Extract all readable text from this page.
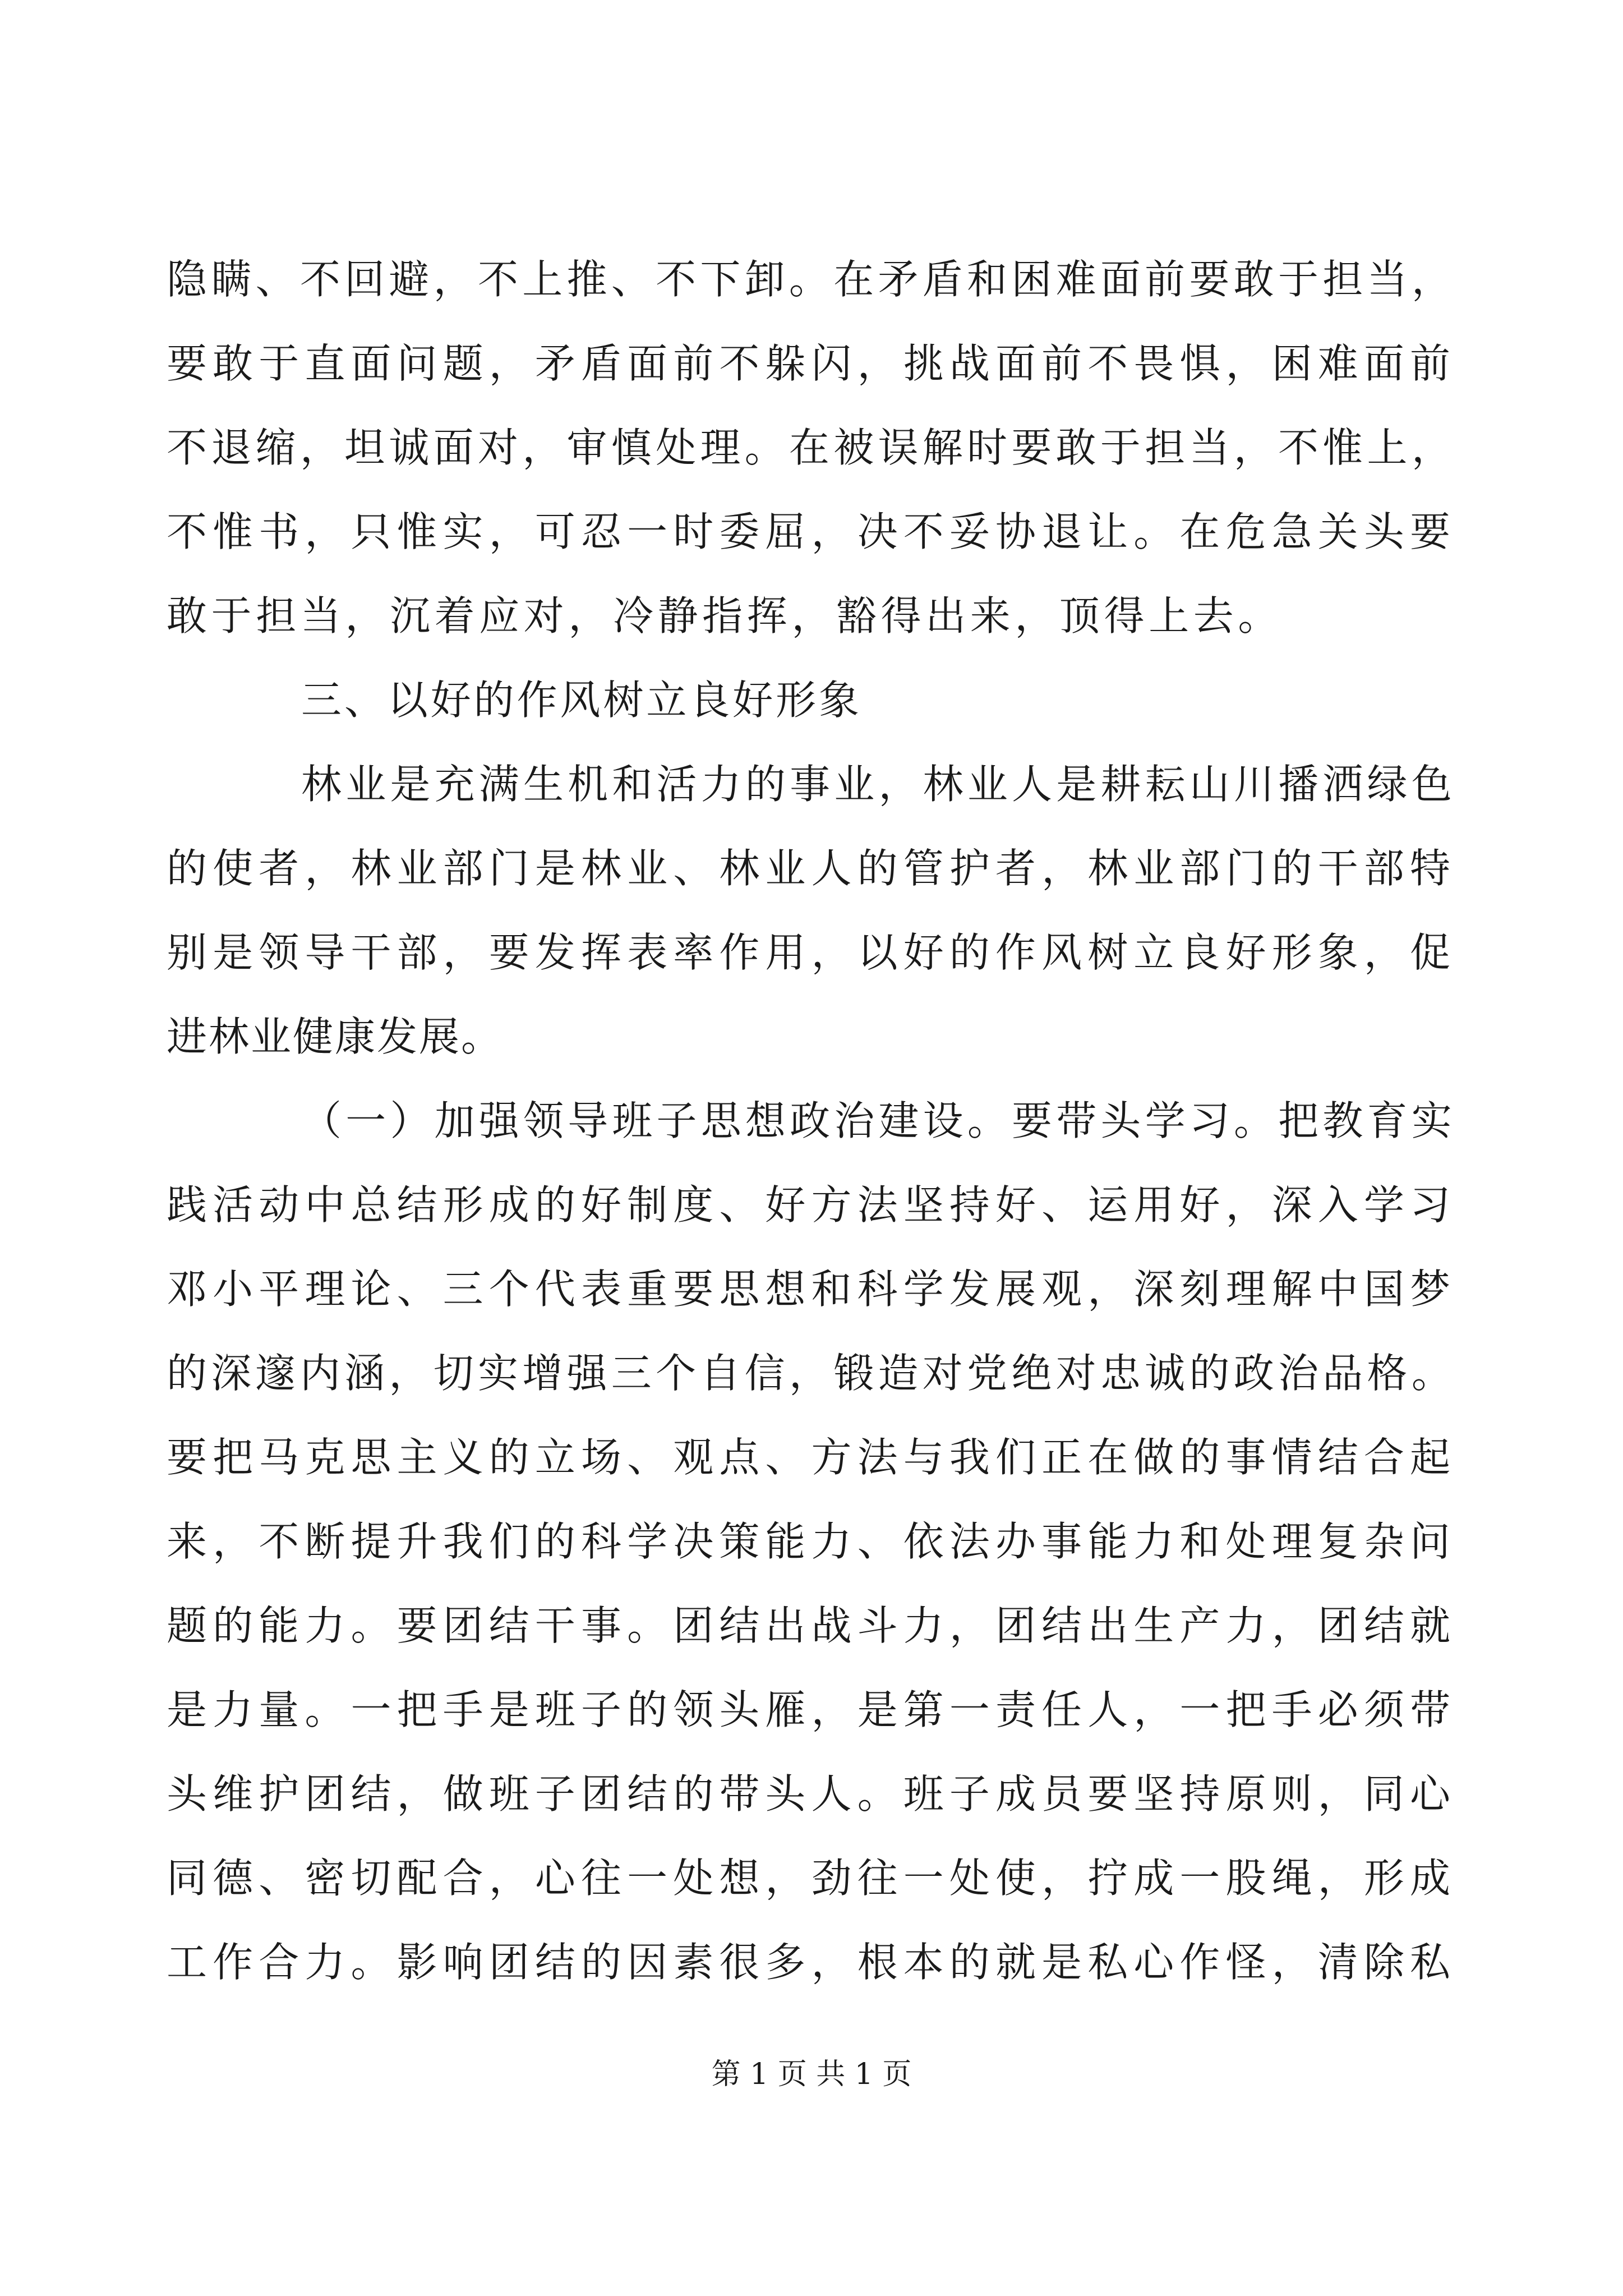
隐瞒、不回避，不上推、不下卸。在矛盾和困难面前要敢于担当，

要敢于直面问题，矛盾面前不躲闪，挑战面前不畏惧，困难面前

不退缩，坦诚面对，审慎处理。在被误解时要敢于担当，不惟上，

不惟书，只惟实，可忍一时委屈，决不妥协退让。在危急关头要

敢于担当，沉着应对，冷静指挥，豁得出来，顶得上去。

三、以好的作风树立良好形象

林业是充满生机和活力的事业，林业人是耕耘山川播洒绿色

的使者，林业部门是林业、林业人的管护者，林业部门的干部特

别是领导干部，要发挥表率作用，以好的作风树立良好形象，促

进林业健康发展。

（一）加强领导班子思想政治建设。要带头学习。把教育实

践活动中总结形成的好制度、好方法坚持好、运用好，深入学习

邓小平理论、三个代表重要思想和科学发展观，深刻理解中国梦

的深邃内涵，切实增强三个自信，锻造对党绝对忠诚的政治品格。

要把马克思主义的立场、观点、方法与我们正在做的事情结合起

来，不断提升我们的科学决策能力、依法办事能力和处理复杂问

题的能力。要团结干事。团结出战斗力，团结出生产力，团结就

是力量。一把手是班子的领头雁，是第一责任人，一把手必须带

头维护团结，做班子团结的带头人。班子成员要坚持原则，同心

同德、密切配合，心往一处想，劲往一处使，拧成一股绳，形成

工作合力。影响团结的因素很多，根本的就是私心作怪，清除私

第 1 页 共 1 页
